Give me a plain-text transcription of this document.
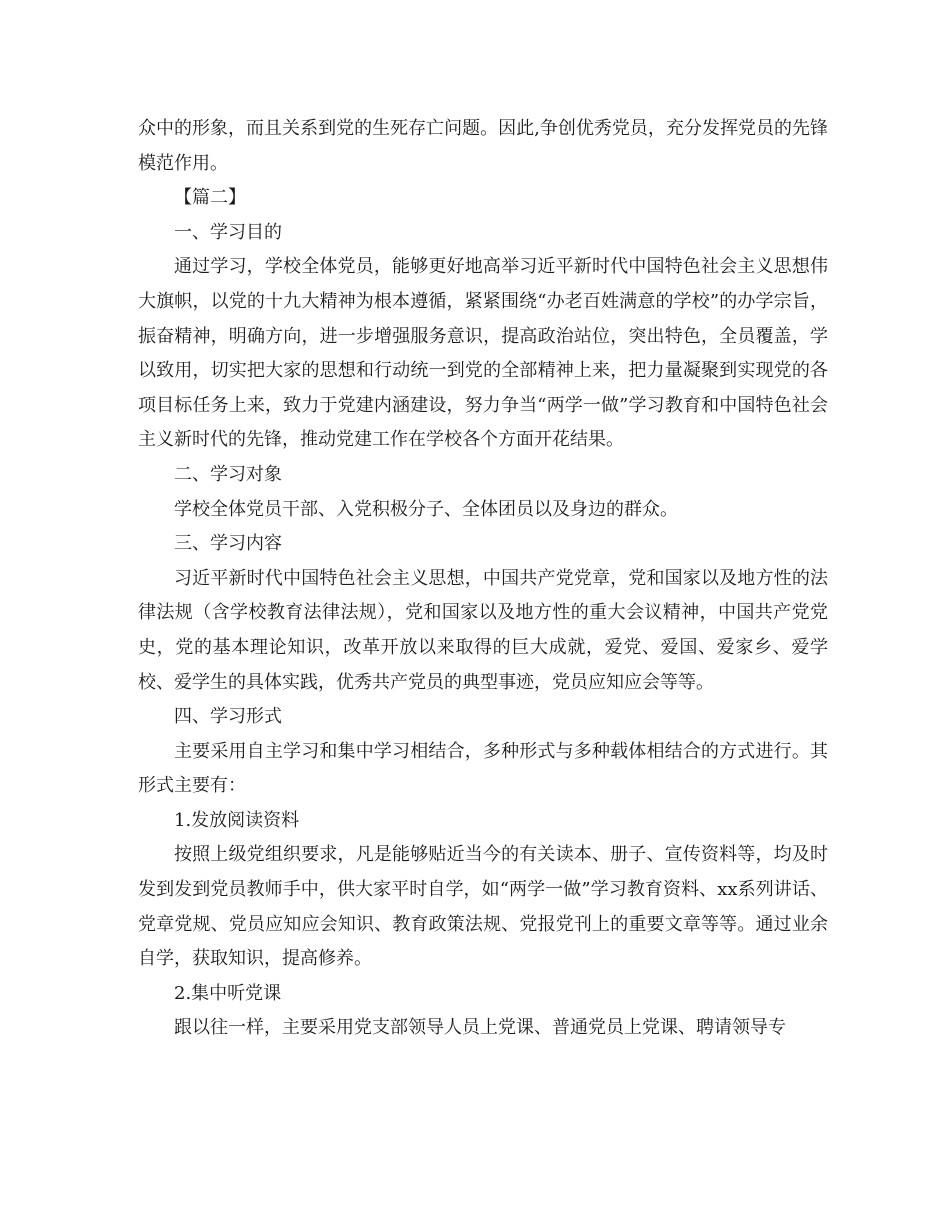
众中的形象，而且关系到党的生死存亡问题。因此,争创优秀党员，充分发挥党员的先锋模范作用。

【篇二】

一、学习目的

通过学习，学校全体党员，能够更好地高举习近平新时代中国特色社会主义思想伟大旗帜，以党的十九大精神为根本遵循，紧紧围绕“办老百姓满意的学校”的办学宗旨，振奋精神，明确方向，进一步增强服务意识，提高政治站位，突出特色，全员覆盖，学以致用，切实把大家的思想和行动统一到党的全部精神上来，把力量凝聚到实现党的各项目标任务上来，致力于党建内涵建设，努力争当“两学一做”学习教育和中国特色社会主义新时代的先锋，推动党建工作在学校各个方面开花结果。

二、学习对象

学校全体党员干部、入党积极分子、全体团员以及身边的群众。

三、学习内容

习近平新时代中国特色社会主义思想，中国共产党党章，党和国家以及地方性的法律法规（含学校教育法律法规），党和国家以及地方性的重大会议精神，中国共产党党史，党的基本理论知识，改革开放以来取得的巨大成就，爱党、爱国、爱家乡、爱学校、爱学生的具体实践，优秀共产党员的典型事迹，党员应知应会等等。

四、学习形式

主要采用自主学习和集中学习相结合，多种形式与多种载体相结合的方式进行。其形式主要有：

1.发放阅读资料

按照上级党组织要求，凡是能够贴近当今的有关读本、册子、宣传资料等，均及时发到发到党员教师手中，供大家平时自学，如“两学一做”学习教育资料、xx系列讲话、党章党规、党员应知应会知识、教育政策法规、党报党刊上的重要文章等等。通过业余自学，获取知识，提高修养。

2.集中听党课

跟以往一样，主要采用党支部领导人员上党课、普通党员上党课、聘请领导专
